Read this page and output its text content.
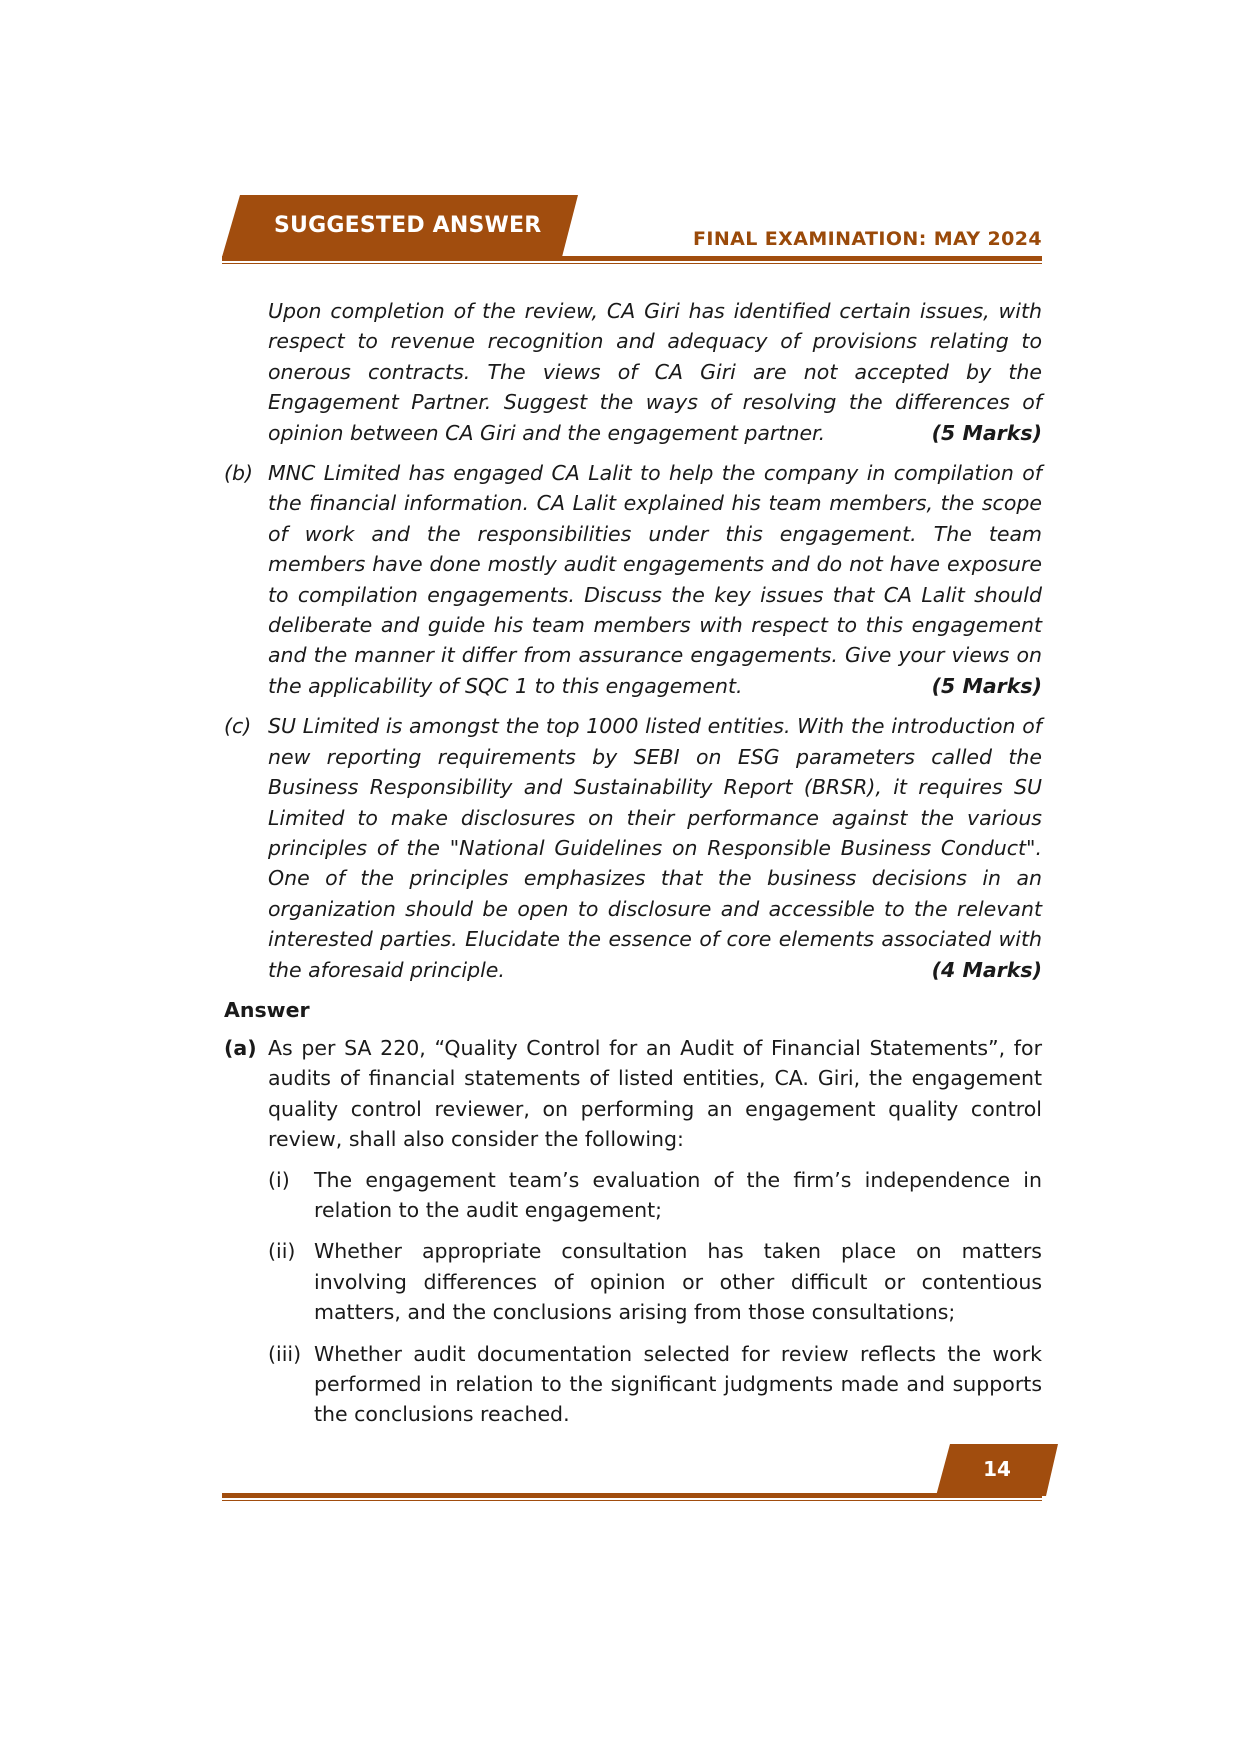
SUGGESTED ANSWER
FINAL EXAMINATION: MAY 2024
Upon completion of the review, CA Giri has identified certain issues, with respect to revenue recognition and adequacy of provisions relating to onerous contracts. The views of CA Giri are not accepted by the Engagement Partner. Suggest the ways of resolving the differences of opinion between CA Giri and the engagement partner.	(5 Marks)
(b) MNC Limited has engaged CA Lalit to help the company in compilation of the financial information. CA Lalit explained his team members, the scope of work and the responsibilities under this engagement. The team members have done mostly audit engagements and do not have exposure to compilation engagements. Discuss the key issues that CA Lalit should deliberate and guide his team members with respect to this engagement and the manner it differ from assurance engagements. Give your views on the applicability of SQC 1 to this engagement.	(5 Marks)
(c) SU Limited is amongst the top 1000 listed entities. With the introduction of new reporting requirements by SEBI on ESG parameters called the Business Responsibility and Sustainability Report (BRSR), it requires SU Limited to make disclosures on their performance against the various principles of the "National Guidelines on Responsible Business Conduct". One of the principles emphasizes that the business decisions in an organization should be open to disclosure and accessible to the relevant interested parties. Elucidate the essence of core elements associated with the aforesaid principle.	(4 Marks)
Answer
(a) As per SA 220, “Quality Control for an Audit of Financial Statements”, for audits of financial statements of listed entities, CA. Giri, the engagement quality control reviewer, on performing an engagement quality control review, shall also consider the following:
(i) The engagement team’s evaluation of the firm’s independence in relation to the audit engagement;
(ii) Whether appropriate consultation has taken place on matters involving differences of opinion or other difficult or contentious matters, and the conclusions arising from those consultations;
(iii) Whether audit documentation selected for review reflects the work performed in relation to the significant judgments made and supports the conclusions reached.
14
